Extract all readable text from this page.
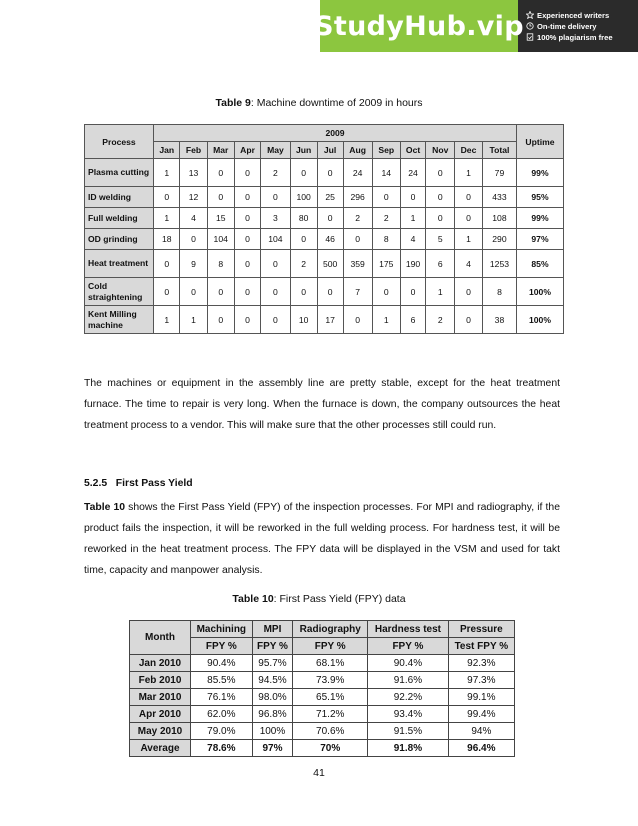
StudyHub.vip Experienced writers
On-time delivery
100% plagiarism free
Table 9: Machine downtime of 2009 in hours
Process	2009													Uptime
	Jan	Feb	Mar	Apr	May	Jun	Jul	Aug	Sep	Oct	Nov	Dec	Total	
Plasma cutting	1	13	0	0	2	0	0	24	14	24	0	1	79	99%
ID welding	0	12	0	0	0	100	25	296	0	0	0	0	433	95%
Full welding	1	4	15	0	3	80	0	2	2	1	0	0	108	99%
OD grinding	18	0	104	0	104	0	46	0	8	4	5	1	290	97%
Heat treatment	0	9	8	0	0	2	500	359	175	190	6	4	1253	85%
Cold straightening	0	0	0	0	0	0	0	7	0	0	1	0	8	100%
Kent Milling machine	1	1	0	0	0	10	17	0	1	6	2	0	38	100%
The machines or equipment in the assembly line are pretty stable, except for the heat treatment furnace. The time to repair is very long. When the furnace is down, the company outsources the heat treatment process to a vendor. This will make sure that the other processes still could run.
5.2.5 First Pass Yield
Table 10 shows the First Pass Yield (FPY) of the inspection processes. For MPI and radiography, if the product fails the inspection, it will be reworked in the full welding process. For hardness test, it will be reworked in the heat treatment process. The FPY data will be displayed in the VSM and used for takt time, capacity and manpower analysis.
Table 10: First Pass Yield (FPY) data
Month	Machining	MPI	Radiography	Hardness test	Pressure
	FPY %	FPY %	FPY %	FPY %	Test FPY %
Jan 2010	90.4%	95.7%	68.1%	90.4%	92.3%
Feb 2010	85.5%	94.5%	73.9%	91.6%	97.3%
Mar 2010	76.1%	98.0%	65.1%	92.2%	99.1%
Apr 2010	62.0%	96.8%	71.2%	93.4%	99.4%
May 2010	79.0%	100%	70.6%	91.5%	94%
Average	78.6%	97%	70%	91.8%	96.4%
41
